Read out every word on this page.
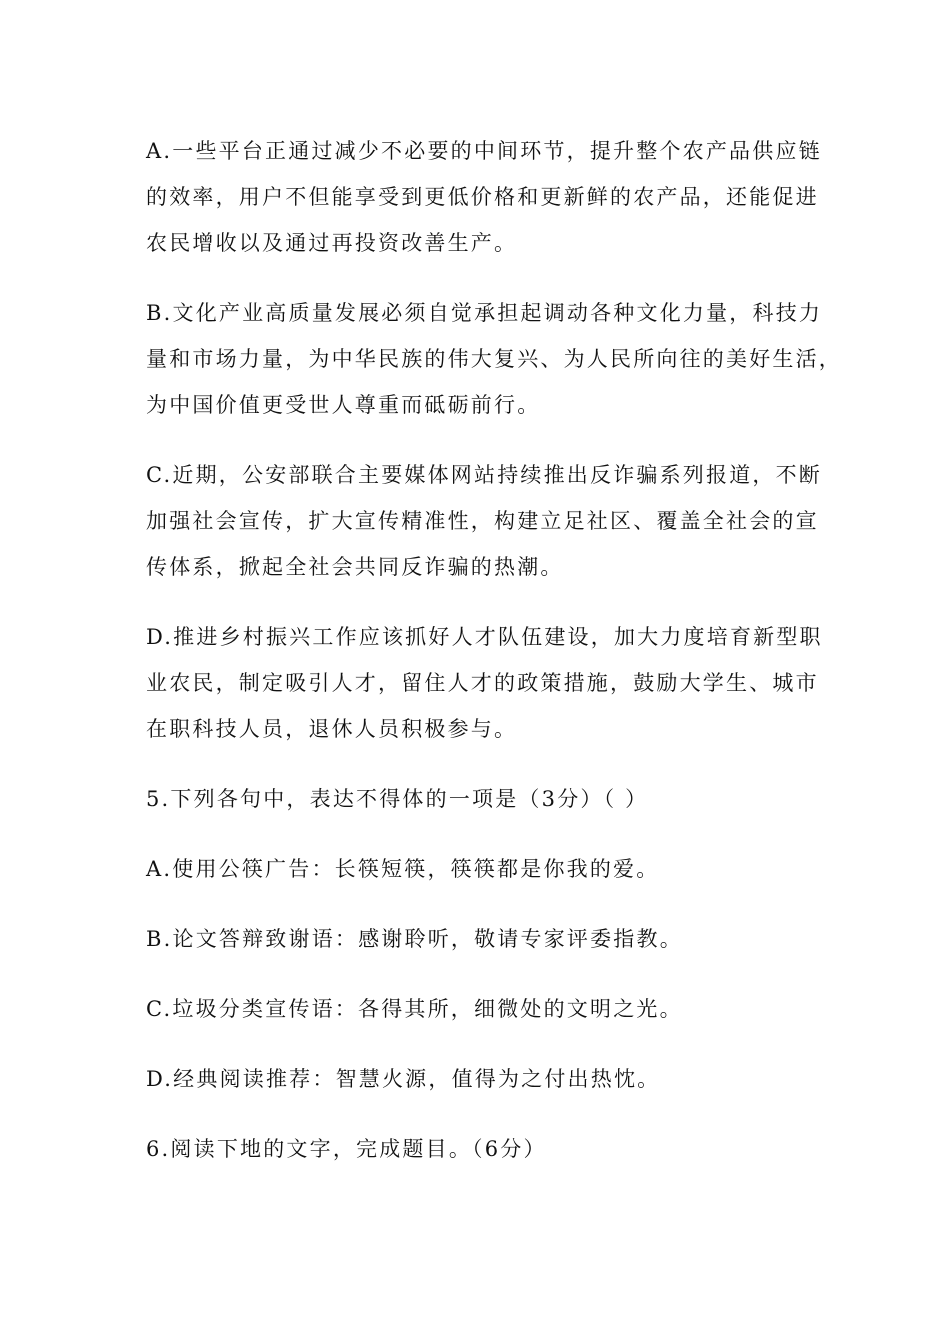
A.一些平台正通过减少不必要的中间环节，提升整个农产品供应链
的效率，用户不但能享受到更低价格和更新鲜的农产品，还能促进
农民增收以及通过再投资改善生产。
B.文化产业高质量发展必须自觉承担起调动各种文化力量，科技力
量和市场力量，为中华民族的伟大复兴、为人民所向往的美好生活，
为中国价值更受世人尊重而砥砺前行。
C.近期，公安部联合主要媒体网站持续推出反诈骗系列报道，不断
加强社会宣传，扩大宣传精准性，构建立足社区、覆盖全社会的宣
传体系，掀起全社会共同反诈骗的热潮。
D.推进乡村振兴工作应该抓好人才队伍建设，加大力度培育新型职
业农民，制定吸引人才，留住人才的政策措施，鼓励大学生、城市
在职科技人员，退休人员积极参与。
5.下列各句中，表达不得体的一项是（3分）（ ）
A.使用公筷广告：长筷短筷，筷筷都是你我的爱。
B.论文答辩致谢语：感谢聆听，敬请专家评委指教。
C.垃圾分类宣传语：各得其所，细微处的文明之光。
D.经典阅读推荐：智慧火源，值得为之付出热忱。
6.阅读下地的文字，完成题目。（6分）
